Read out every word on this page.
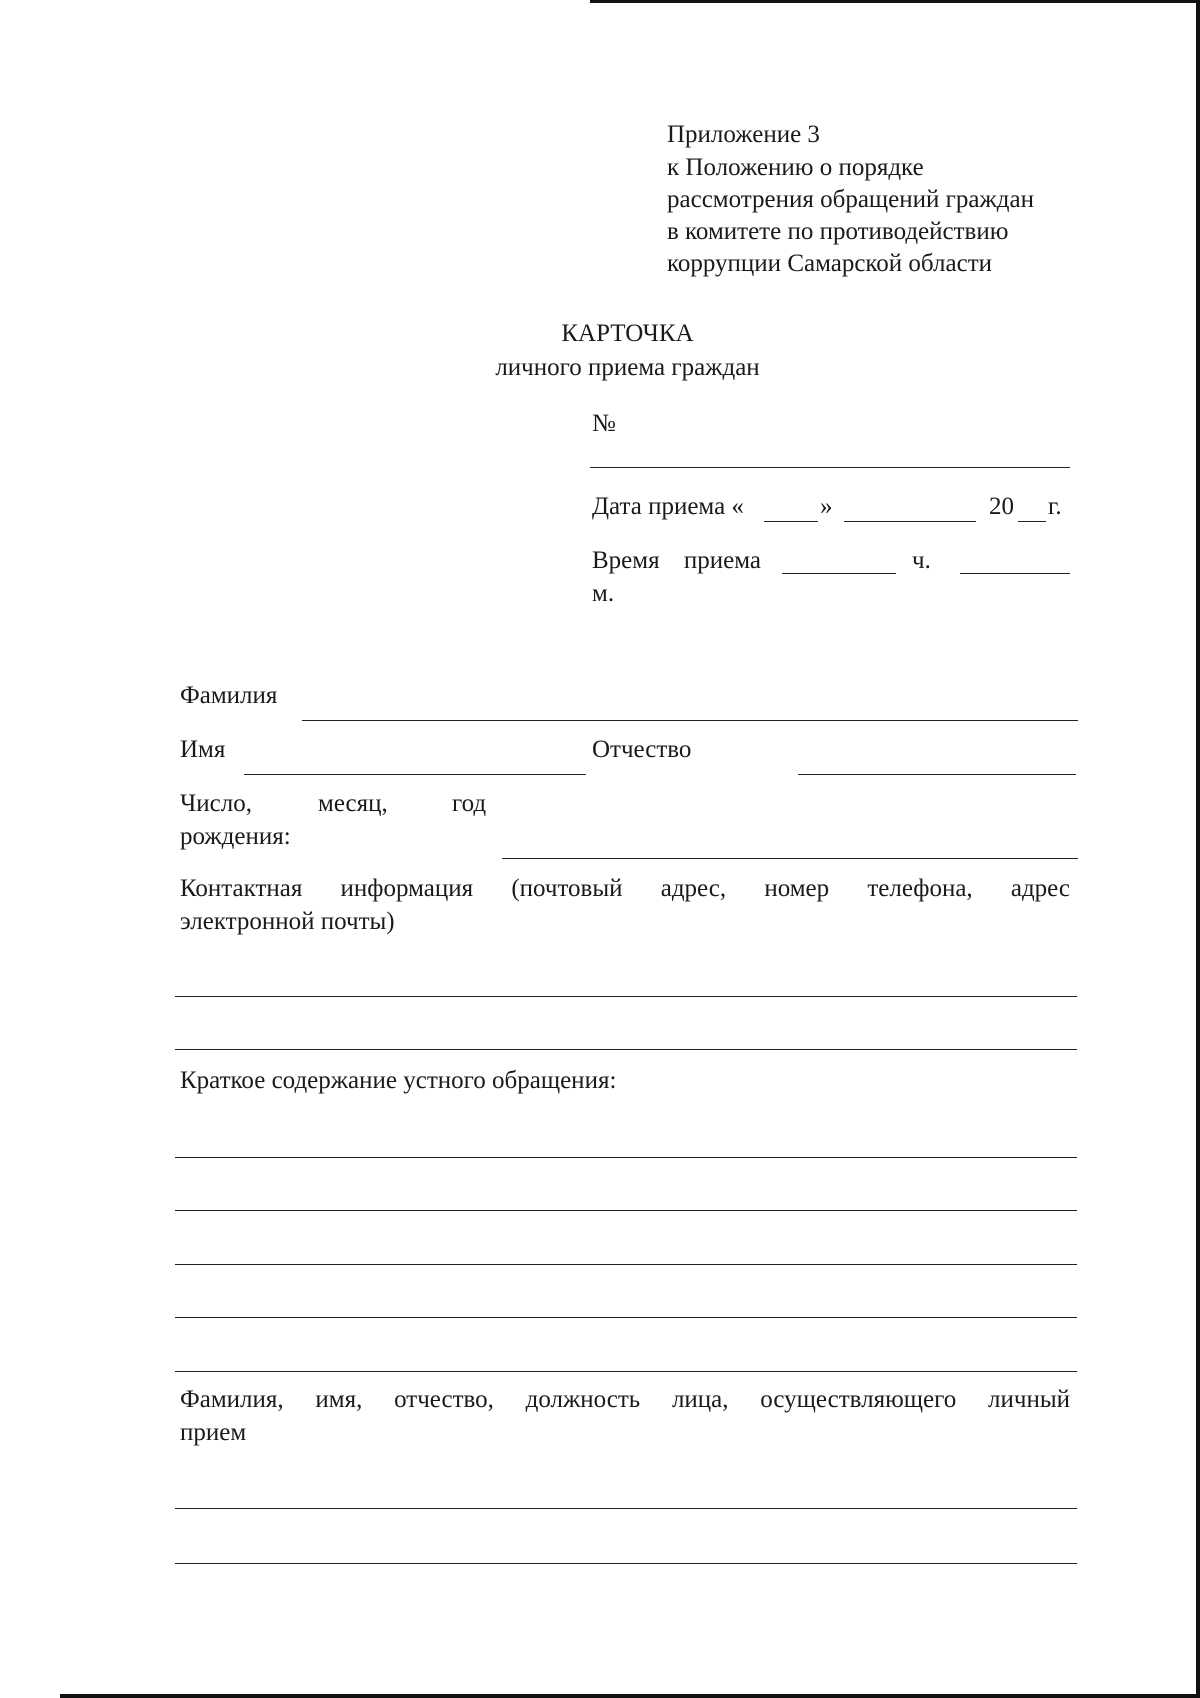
Приложение 3
к Положению о порядке
рассмотрения обращений граждан
в комитете по противодействию
коррупции Самарской области
КАРТОЧКА
личного приема граждан
№
Дата приема «	»	20 г.
Время приема	ч.
м.
Фамилия
Имя	Отчество
Число,	месяц,	год
рождения:
Контактная информация (почтовый адрес, номер телефона, адрес
электронной почты)
Краткое содержание устного обращения:
Фамилия, имя, отчество, должность лица, осуществляющего личный
прием
